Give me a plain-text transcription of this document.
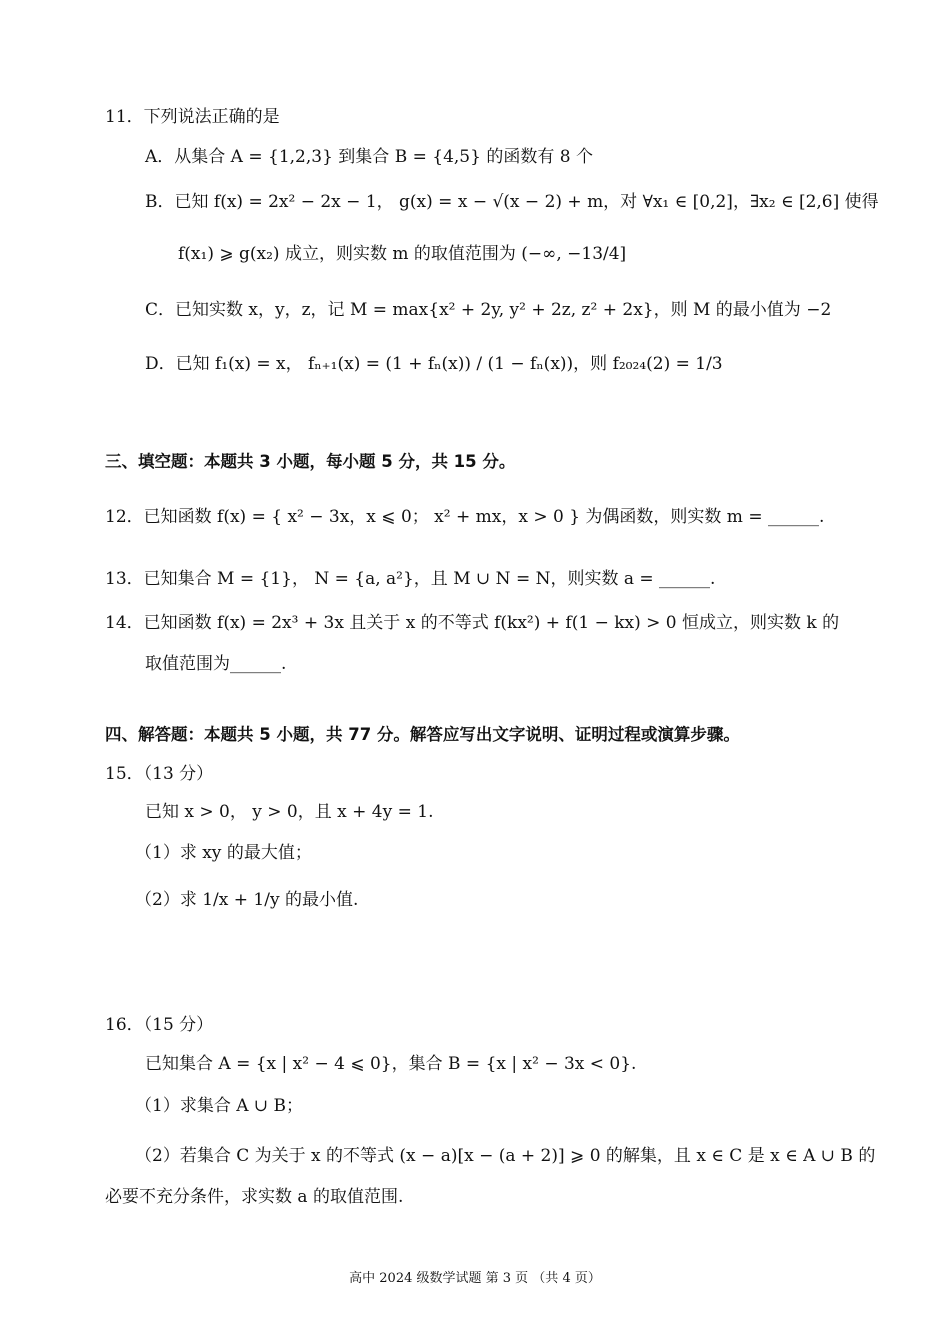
11．下列说法正确的是
A．从集合 A = {1,2,3} 到集合 B = {4,5} 的函数有 8 个
B．已知 f(x) = 2x² − 2x − 1， g(x) = x − √(x − 2) + m，对 ∀x₁ ∈ [0,2]，∃x₂ ∈ [2,6] 使得
f(x₁) ⩾ g(x₂) 成立，则实数 m 的取值范围为 (−∞, −13/4]
C．已知实数 x，y，z，记 M = max{x² + 2y, y² + 2z, z² + 2x}，则 M 的最小值为 −2
D．已知 f₁(x) = x， fₙ₊₁(x) = (1 + fₙ(x)) / (1 − fₙ(x))，则 f₂₀₂₄(2) = 1/3
三、填空题：本题共 3 小题，每小题 5 分，共 15 分。
12．已知函数 f(x) = { x² − 3x，x ⩽ 0； x² + mx，x > 0 } 为偶函数，则实数 m = ______.
13．已知集合 M = {1}， N = {a, a²}，且 M ∪ N = N，则实数 a = ______.
14．已知函数 f(x) = 2x³ + 3x 且关于 x 的不等式 f(kx²) + f(1 − kx) > 0 恒成立，则实数 k 的
取值范围为______.
四、解答题：本题共 5 小题，共 77 分。解答应写出文字说明、证明过程或演算步骤。
15．（13 分）
已知 x > 0， y > 0，且 x + 4y = 1.
（1）求 xy 的最大值；
（2）求 1/x + 1/y 的最小值.
16．（15 分）
已知集合 A = {x | x² − 4 ⩽ 0}，集合 B = {x | x² − 3x < 0}.
（1）求集合 A ∪ B；
（2）若集合 C 为关于 x 的不等式 (x − a)[x − (a + 2)] ⩾ 0 的解集，且 x ∈ C 是 x ∈ A ∪ B 的
必要不充分条件，求实数 a 的取值范围.
高中 2024 级数学试题 第 3 页 （共 4 页）
